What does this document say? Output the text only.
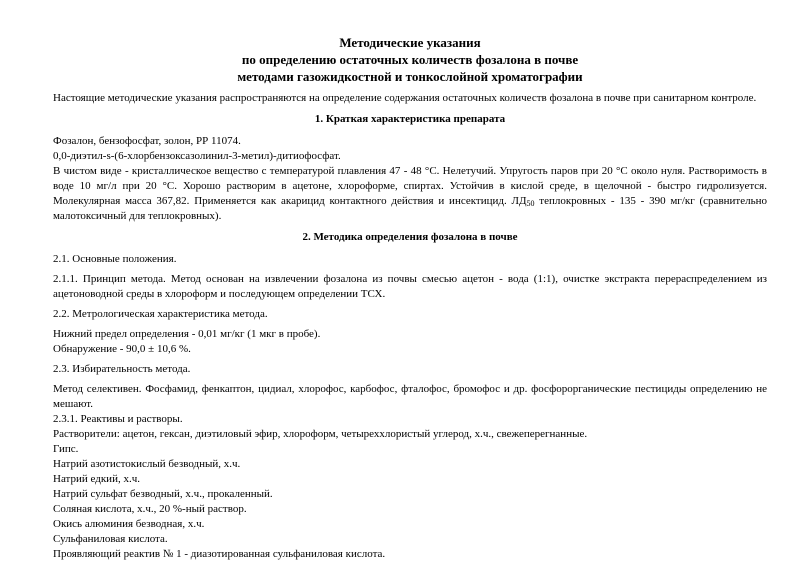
Методические указания
по определению остаточных количеств фозалона в почве
методами газожидкостной и тонкослойной хроматографии

Настоящие методические указания распространяются на определение содержания остаточных количеств фозалона в почве при санитарном контроле.

1. Краткая характеристика препарата

Фозалон, бензофосфат, золон, РР 11074.

0,0-диэтил-s-(6-хлорбензоксазолинил-3-метил)-дитиофосфат.

В чистом виде - кристаллическое вещество с температурой плавления 47 - 48 °С. Нелетучий. Упругость паров при 20 °С около нуля. Растворимость в воде 10 мг/л при 20 °С. Хорошо растворим в ацетоне, хлороформе, спиртах. Устойчив в кислой среде, в щелочной - быстро гидролизуется. Молекулярная масса 367,82. Применяется как акарицид контактного действия и инсектицид. $ЛД_{50}$ теплокровных - 135 - 390 мг/кг (сравнительно малотоксичный для теплокровных).

2. Методика определения фозалона в почве

2.1. Основные положения.

2.1.1. Принцип метода. Метод основан на извлечении фозалона из почвы смесью ацетон - вода (1:1), очистке экстракта перераспределением из ацетоноводной среды в хлороформ и последующем определении ТСХ.

2.2. Метрологическая характеристика метода.

Нижний предел определения - 0,01 мг/кг (1 мкг в пробе).

Обнаружение - 90,0 ± 10,6 %.

2.3. Избирательность метода.

Метод селективен. Фосфамид, фенкаптон, цидиал, хлорофос, карбофос, фталофос, бромофос и др. фосфорорганические пестициды определению не мешают.

2.3.1. Реактивы и растворы.

Растворители: ацетон, гексан, диэтиловый эфир, хлороформ, четыреххлористый углерод, х.ч., свежеперегнанные.

Гипс.

Натрий азотистокислый безводный, х.ч.

Натрий едкий, х.ч.

Натрий сульфат безводный, х.ч., прокаленный.

Соляная кислота, х.ч., 20 %-ный раствор.

Окись алюминия безводная, х.ч.

Сульфаниловая кислота.

Проявляющий реактив № 1 - диазотированная сульфаниловая кислота.
